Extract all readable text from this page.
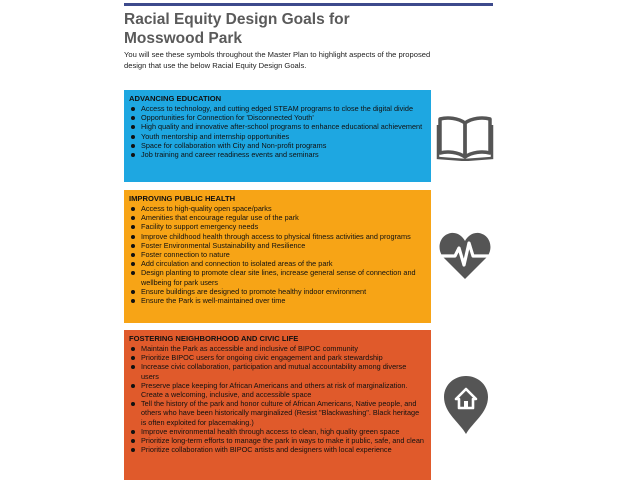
Racial Equity Design Goals for
Mosswood Park
You will see these symbols throughout the Master Plan to highlight aspects of the proposed design that use the below Racial Equity Design Goals.
ADVANCING EDUCATION
Access to technology, and cutting edged STEAM programs to close the digital divide
Opportunities for Connection for 'Disconnected Youth'
High quality and innovative after-school programs to enhance educational achievement
Youth mentorship and internship opportunities
Space for collaboration with City and Non-profit programs
Job training and career readiness events and seminars
IMPROVING PUBLIC HEALTH
Access to high-quality open space/parks
Amenities that encourage regular use of the park
Facility to support emergency needs
Improve childhood health through access to physical fitness activities and programs
Foster Environmental Sustainability and Resilience
Foster connection to nature
Add circulation and connection to isolated areas of the park
Design planting to promote clear site lines, increase general sense of connection and wellbeing for park users
Ensure buildings are designed to promote healthy indoor environment
Ensure the Park is well-maintained over time
FOSTERING NEIGHBORHOOD AND CIVIC LIFE
Maintain the Park as accessible and inclusive of BIPOC community
Prioritize BIPOC users for ongoing civic engagement and park stewardship
Increase civic collaboration, participation and mutual accountability among diverse users
Preserve place keeping for African Americans and others at risk of marginalization. Create a welcoming, inclusive, and accessible space
Tell the history of the park and honor culture of African Americans, Native people, and others who have been historically marginalized (Resist "Blackwashing". Black heritage is often exploited for placemaking.)
Improve environmental health through access to clean, high quality green space
Prioritize long-term efforts to manage the park in ways to make it public, safe, and clean
Prioritize collaboration with BIPOC artists and designers with local experience
